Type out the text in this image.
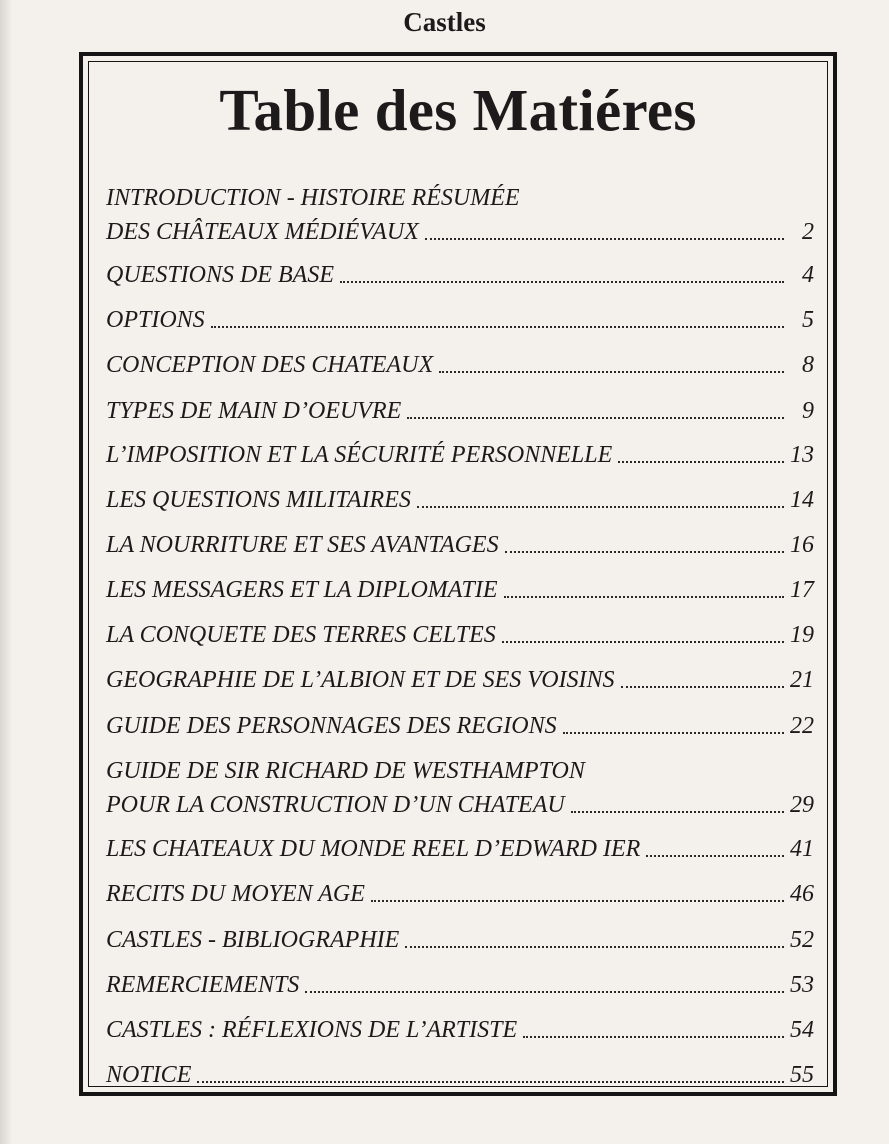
Castles
Table des Matiéres
INTRODUCTION - HISTOIRE RÉSUMÉE
DES CHÂTEAUX MÉDIÉVAUX	2
QUESTIONS DE BASE	4
OPTIONS	5
CONCEPTION DES CHATEAUX	8
TYPES DE MAIN D’OEUVRE	9
L’IMPOSITION ET LA SÉCURITÉ PERSONNELLE	13
LES QUESTIONS MILITAIRES	14
LA NOURRITURE ET SES AVANTAGES	16
LES MESSAGERS ET LA DIPLOMATIE	17
LA CONQUETE DES TERRES CELTES	19
GEOGRAPHIE DE L’ALBION ET DE SES VOISINS	21
GUIDE DES PERSONNAGES DES REGIONS	22
GUIDE DE SIR RICHARD DE WESTHAMPTON
POUR LA CONSTRUCTION D’UN CHATEAU	29
LES CHATEAUX DU MONDE REEL D’EDWARD IER	41
RECITS DU MOYEN AGE	46
CASTLES - BIBLIOGRAPHIE	52
REMERCIEMENTS	53
CASTLES : RÉFLEXIONS DE L’ARTISTE	54
NOTICE	55
